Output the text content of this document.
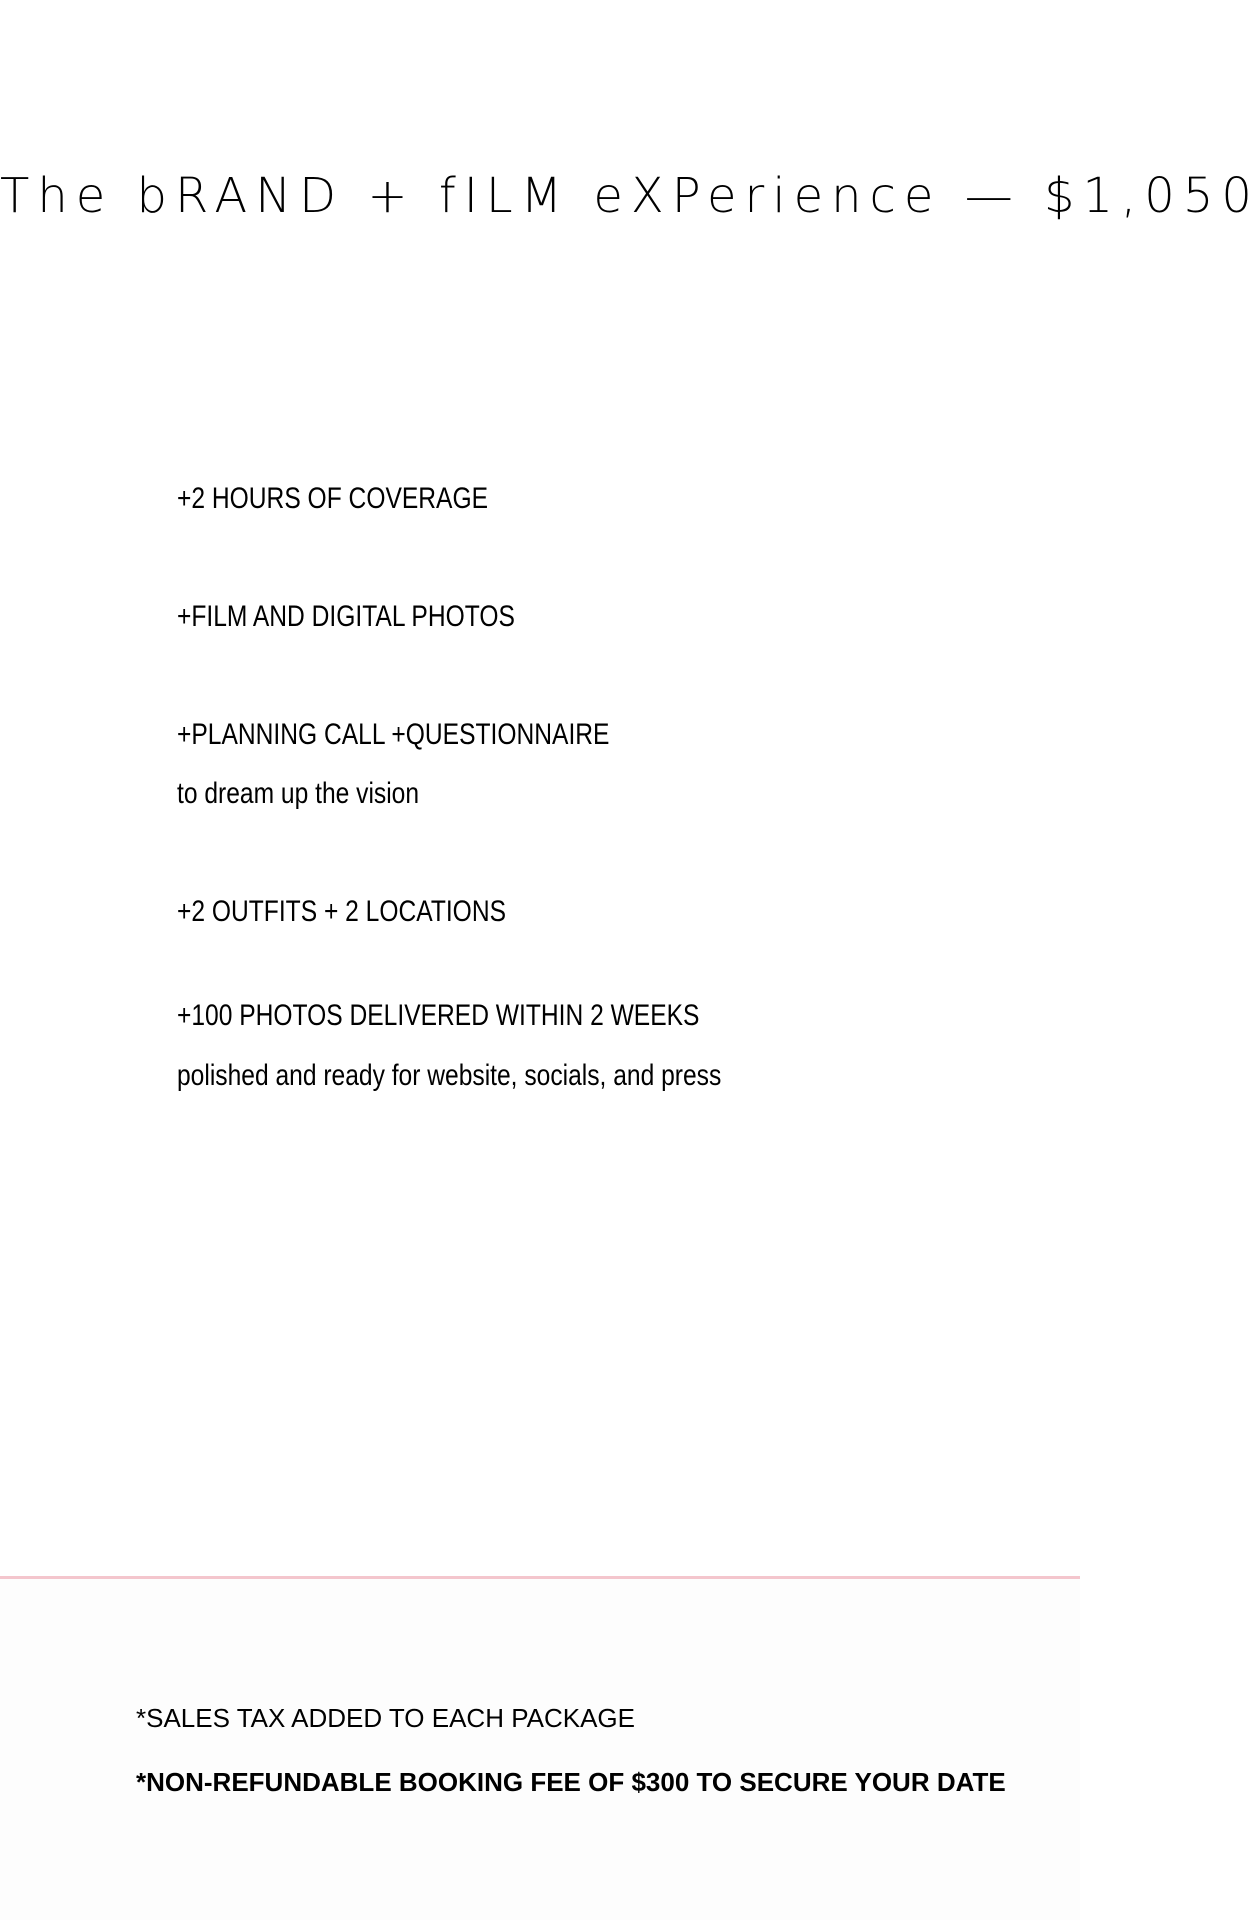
The bRAND + fILM eXPerience — $1,050
+2 HOURS OF COVERAGE
+FILM AND DIGITAL PHOTOS
+PLANNING CALL +QUESTIONNAIRE
to dream up the vision
+2 OUTFITS + 2 LOCATIONS
+100 PHOTOS DELIVERED WITHIN 2 WEEKS
polished and ready for website, socials, and press
*SALES TAX ADDED TO EACH PACKAGE
*NON-REFUNDABLE BOOKING FEE OF $300 TO SECURE YOUR DATE
